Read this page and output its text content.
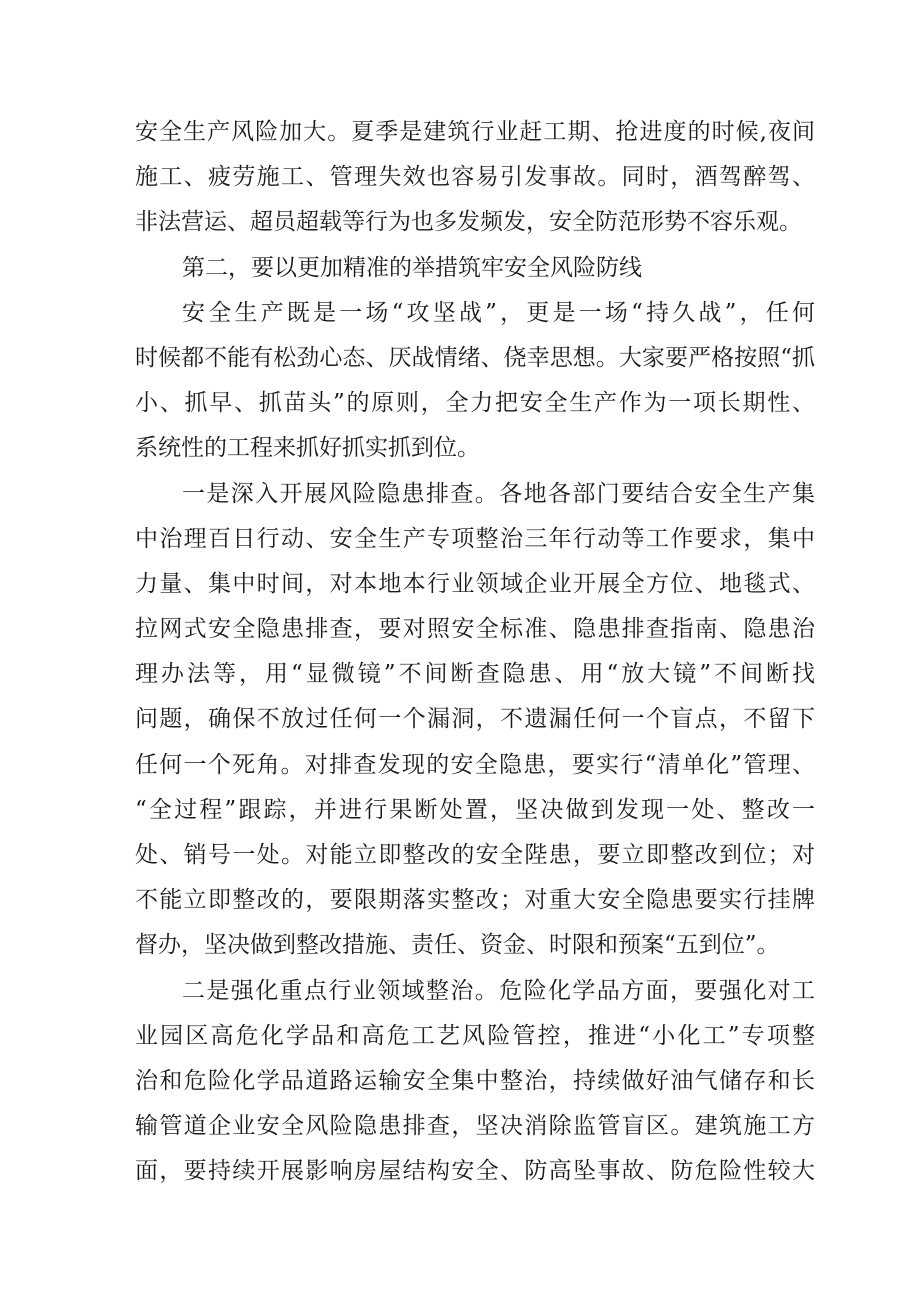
安全生产风险加大。夏季是建筑行业赶工期、抢进度的时候,夜间
施工、疲劳施工、管理失效也容易引发事故。同时，酒驾醉驾、
非法营运、超员超载等行为也多发频发，安全防范形势不容乐观。
第二，要以更加精准的举措筑牢安全风险防线
安全生产既是一场“攻坚战”，更是一场“持久战”，任何
时候都不能有松劲心态、厌战情绪、侥幸思想。大家要严格按照“抓
小、抓早、抓苗头”的原则，全力把安全生产作为一项长期性、
系统性的工程来抓好抓实抓到位。
一是深入开展风险隐患排查。各地各部门要结合安全生产集
中治理百日行动、安全生产专项整治三年行动等工作要求，集中
力量、集中时间，对本地本行业领域企业开展全方位、地毯式、
拉网式安全隐患排查，要对照安全标准、隐患排查指南、隐患治
理办法等，用“显微镜”不间断查隐患、用“放大镜”不间断找
问题，确保不放过任何一个漏洞，不遗漏任何一个盲点，不留下
任何一个死角。对排查发现的安全隐患，要实行“清单化”管理、
“全过程”跟踪，并进行果断处置，坚决做到发现一处、整改一
处、销号一处。对能立即整改的安全陛患，要立即整改到位；对
不能立即整改的，要限期落实整改；对重大安全隐患要实行挂牌
督办，坚决做到整改措施、责任、资金、时限和预案“五到位”。
二是强化重点行业领域整治。危险化学品方面，要强化对工
业园区高危化学品和高危工艺风险管控，推进“小化工”专项整
治和危险化学品道路运输安全集中整治，持续做好油气储存和长
输管道企业安全风险隐患排查，坚决消除监管盲区。建筑施工方
面，要持续开展影响房屋结构安全、防高坠事故、防危险性较大
